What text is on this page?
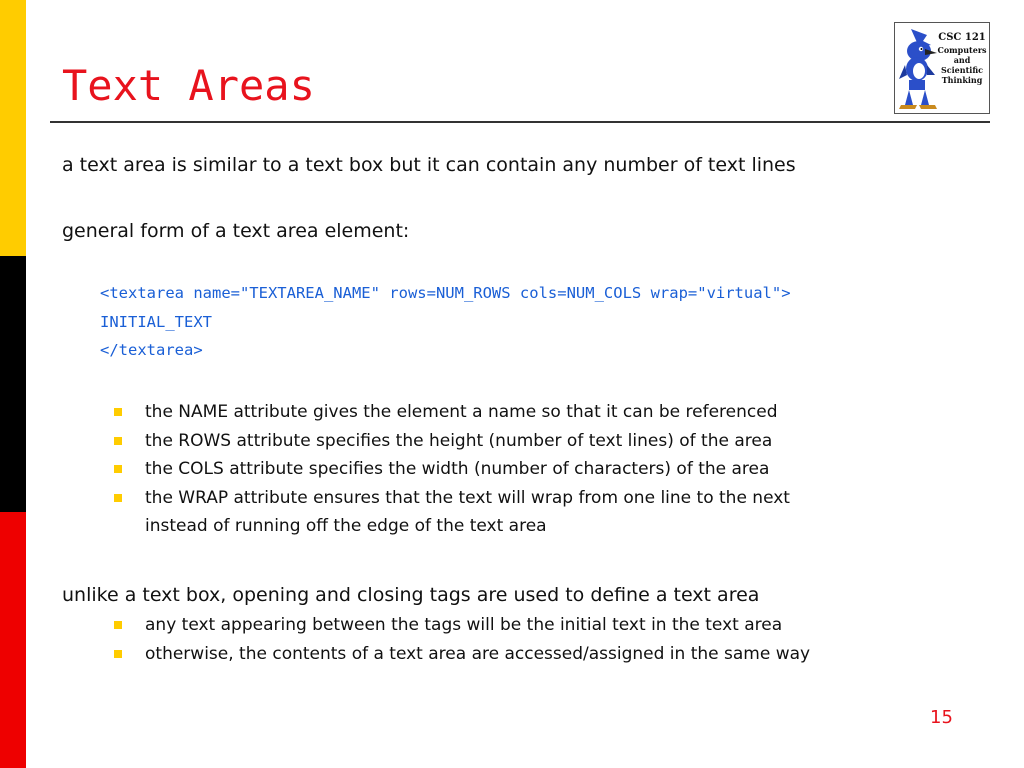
Text Areas
CSC 121
Computers
and
Scientific
Thinking

a text area is similar to a text box but it can contain any number of text lines

general form of a text area element:

<textarea name="TEXTAREA_NAME" rows=NUM_ROWS cols=NUM_COLS wrap="virtual">
INITIAL_TEXT
</textarea>
the NAME attribute gives the element a name so that it can be referenced
the ROWS attribute specifies the height (number of text lines) of the area
the COLS attribute specifies the width (number of characters) of the area
the WRAP attribute ensures that the text will wrap from one line to the next
instead of running off the edge of the text area

unlike a text box, opening and closing tags are used to define a text area

any text appearing between the tags will be the initial text in the text area
otherwise, the contents of a text area are accessed/assigned in the same way
15
